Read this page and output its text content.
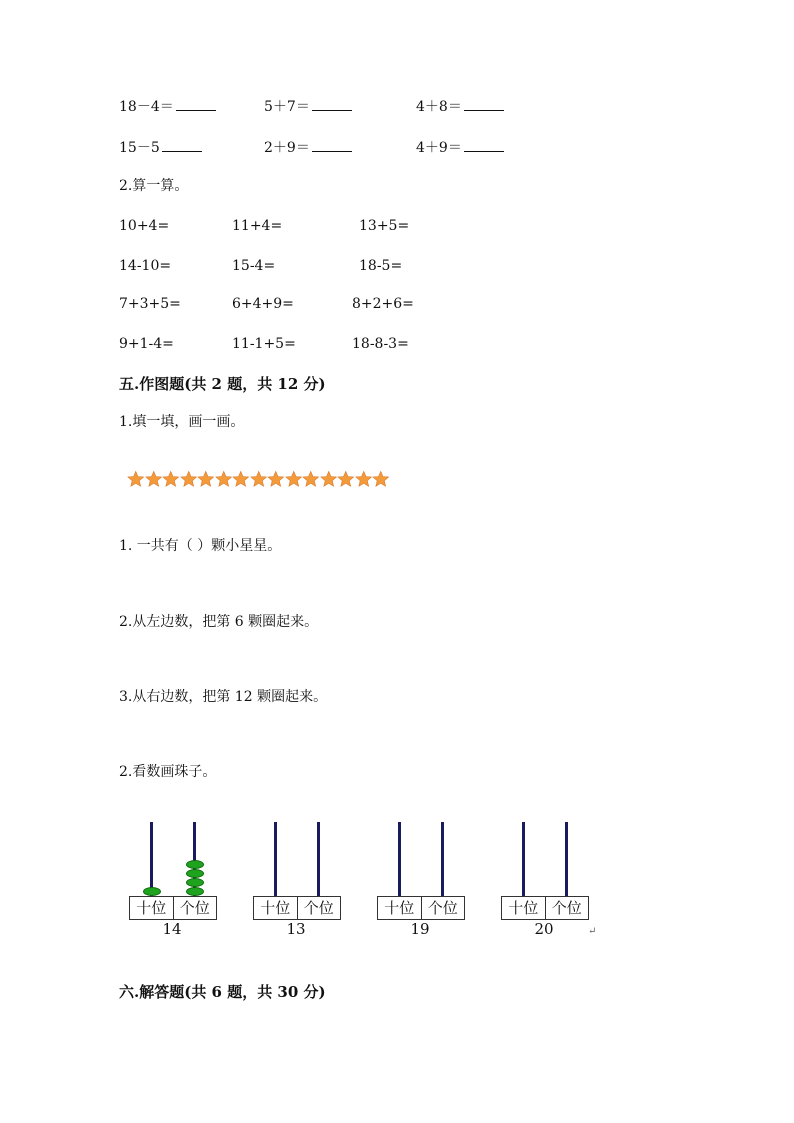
18－4＝	5＋7＝	4＋8＝
15－5	2＋9＝	4＋9＝
2.算一算。
10+4=	11+4=	13+5=
14-10=	15-4=	18-5=
7+3+5=	6+4+9=	8+2+6=
9+1-4=	11-1+5=	18-8-3=
五.作图题(共 2 题，共 12 分)
1.填一填，画一画。
1. 一共有（ ）颗小星星。
2.从左边数，把第 6 颗圈起来。
3.从右边数，把第 12 颗圈起来。
2.看数画珠子。
十位 个位
14
十位 个位
13
十位 个位
19
十位 个位
20	↵
六.解答题(共 6 题，共 30 分)
